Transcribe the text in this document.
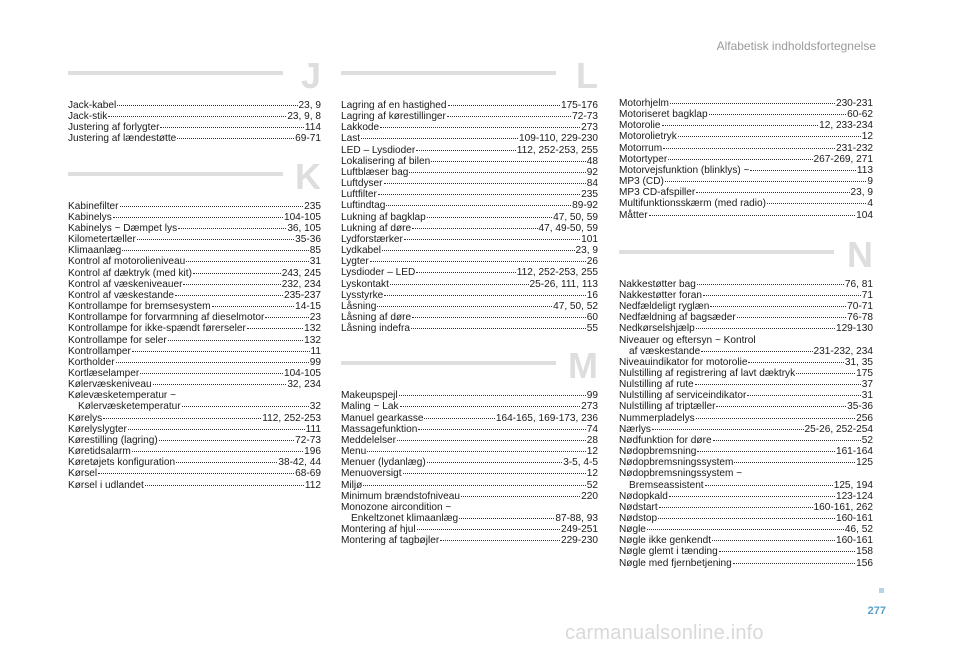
Alfabetisk indholdsfortegnelse
J
Jack-kabel	23, 9
Jack-stik	23, 9, 8
Justering af forlygter	114
Justering af lændestøtte	69-71
K
Kabinefilter	235
Kabinelys	104-105
Kabinelys ~ Dæmpet lys	36, 105
Kilometertæller	35-36
Klimaanlæg	85
Kontrol af motorolieniveau	31
Kontrol af dæktryk (med kit)	243, 245
Kontrol af væskeniveauer	232, 234
Kontrol af væskestande	235-237
Kontrollampe for bremsesystem	14-15
Kontrollampe for forvarmning af dieselmotor	23
Kontrollampe for ikke-spændt førerseler	132
Kontrollampe for seler	132
Kontrollamper	11
Kortholder	99
Kortlæselamper	104-105
Kølervæskeniveau	32, 234
Kølevæsketemperatur ~
Kølervæsketemperatur	32
Kørelys	112, 252-253
Kørelyslygter	111
Kørestilling (lagring)	72-73
Køretidsalarm	196
Køretøjets konfiguration	38-42, 44
Kørsel	68-69
Kørsel i udlandet	112
L
Lagring af en hastighed	175-176
Lagring af kørestillinger	72-73
Lakkode	273
Last	109-110, 229-230
LED – Lysdioder	112, 252-253, 255
Lokalisering af bilen	48
Luftblæser bag	92
Luftdyser	84
Luftfilter	235
Luftindtag	89-92
Lukning af bagklap	47, 50, 59
Lukning af døre	47, 49-50, 59
Lydforstærker	101
Lydkabel	23, 9
Lygter	26
Lysdioder – LED	112, 252-253, 255
Lyskontakt	25-26, 111, 113
Lysstyrke	16
Låsning	47, 50, 52
Låsning af døre	60
Låsning indefra	55
M
Makeupspejl	99
Maling ~ Lak	273
Manuel gearkasse	164-165, 169-173, 236
Massagefunktion	74
Meddelelser	28
Menu	12
Menuer (lydanlæg)	3-5, 4-5
Menuoversigt	12
Miljø	52
Minimum brændstofniveau	220
Monozone aircondition ~
Enkeltzonet klimaanlæg	87-88, 93
Montering af hjul	249-251
Montering af tagbøjler	229-230
Motorhjelm	230-231
Motoriseret bagklap	60-62
Motorolie	12, 233-234
Motorolietryk	12
Motorrum	231-232
Motortyper	267-269, 271
Motorvejsfunktion (blinklys) ~	113
MP3 (CD)	9
MP3 CD-afspiller	23, 9
Multifunktionsskærm (med radio)	4
Måtter	104
N
Nakkestøtter bag	76, 81
Nakkestøtter foran	71
Nedfældeligt ryglæn	70-71
Nedfældning af bagsæder	76-78
Nedkørselshjælp	129-130
Niveauer og eftersyn ~ Kontrol
af væskestande	231-232, 234
Niveauindikator for motorolie	31, 35
Nulstilling af registrering af lavt dæktryk	175
Nulstilling af rute	37
Nulstilling af serviceindikator	31
Nulstilling af triptæller	35-36
Nummerpladelys	256
Nærlys	25-26, 252-254
Nødfunktion for døre	52
Nødopbremsning	161-164
Nødopbremsningssystem	125
Nødopbremsningssystem ~
Bremseassistent	125, 194
Nødopkald	123-124
Nødstart	160-161, 262
Nødstop	160-161
Nøgle	46, 52
Nøgle ikke genkendt	160-161
Nøgle glemt i tænding	158
Nøgle med fjernbetjening	156
277
carmanualsonline.info
